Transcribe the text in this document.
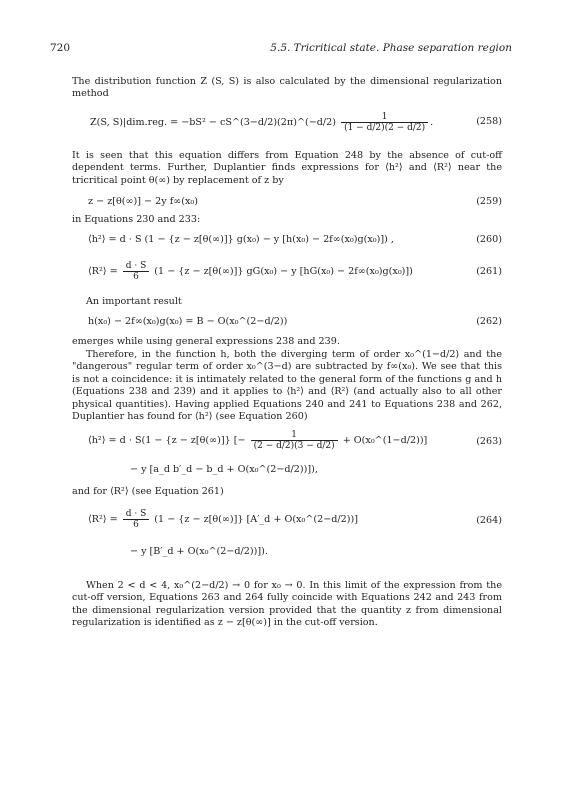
720	5.5. Tricritical state. Phase separation region
The distribution function Z (S, S) is also calculated by the dimensional regularization method
Z(S, S)|dim.reg. = −bS² − cS^(3−d/2)(2π)^(−d/2) $\frac{1}{(1 - d/2)(2 - d/2)}$ .	(258)
It is seen that this equation differs from Equation 248 by the absence of cut-off dependent terms. Further, Duplantier finds expressions for ⟨h²⟩ and ⟨R²⟩ near the tricritical point θ(∞) by replacement of z by
z − z[θ(∞)] − 2y f∞(x₀)	(259)
in Equations 230 and 233:
⟨h²⟩ = d · S (1 − {z − z[θ(∞)]} g(x₀) − y [h(x₀) − 2f∞(x₀)g(x₀)]) ,	(260)
⟨R²⟩ = $\frac{d \cdot S}{6} (1 - \{z - z[\theta(\infty)]\} gG(x_0) - y$ [hG(x₀) − 2f∞(x₀)g(x₀)])	(261)
An important result
h(x₀) − 2f∞(x₀)g(x₀) = B − O(x₀^(2−d/2))	(262)
emerges while using general expressions 238 and 239.
Therefore, in the function h, both the diverging term of order x₀^(1−d/2) and the "dangerous" regular term of order x₀^(3−d) are subtracted by f∞(x₀). We see that this is not a coincidence: it is intimately related to the general form of the functions g and h (Equations 238 and 239) and it applies to ⟨h²⟩ and ⟨R²⟩ (and actually also to all other physical quantities). Having applied Equations 240 and 241 to Equations 238 and 262, Duplantier has found for ⟨h²⟩ (see Equation 260)
⟨h²⟩ = d · S(1 − {z − z[θ(∞)]} [− $\frac{1}{(2 - d/2)(3 - d/2)}$ + O(x₀^(1−d/2))]	(263)
− y [a_d b′_d − b_d + O(x₀^(2−d/2))]),
and for ⟨R²⟩ (see Equation 261)
⟨R²⟩ = $\frac{d \cdot S}{6} (1 - \{z - z[\theta(\infty)]\}$ [A′_d + O(x₀^(2−d/2))]	(264)
− y [B′_d + O(x₀^(2−d/2))]).
When 2 < d < 4, x₀^(2−d/2) → 0 for x₀ → 0. In this limit of the expression from the cut-off version, Equations 263 and 264 fully coincide with Equations 242 and 243 from the dimensional regularization version provided that the quantity z from dimensional regularization is identified as z − z[θ(∞)] in the cut-off version.
